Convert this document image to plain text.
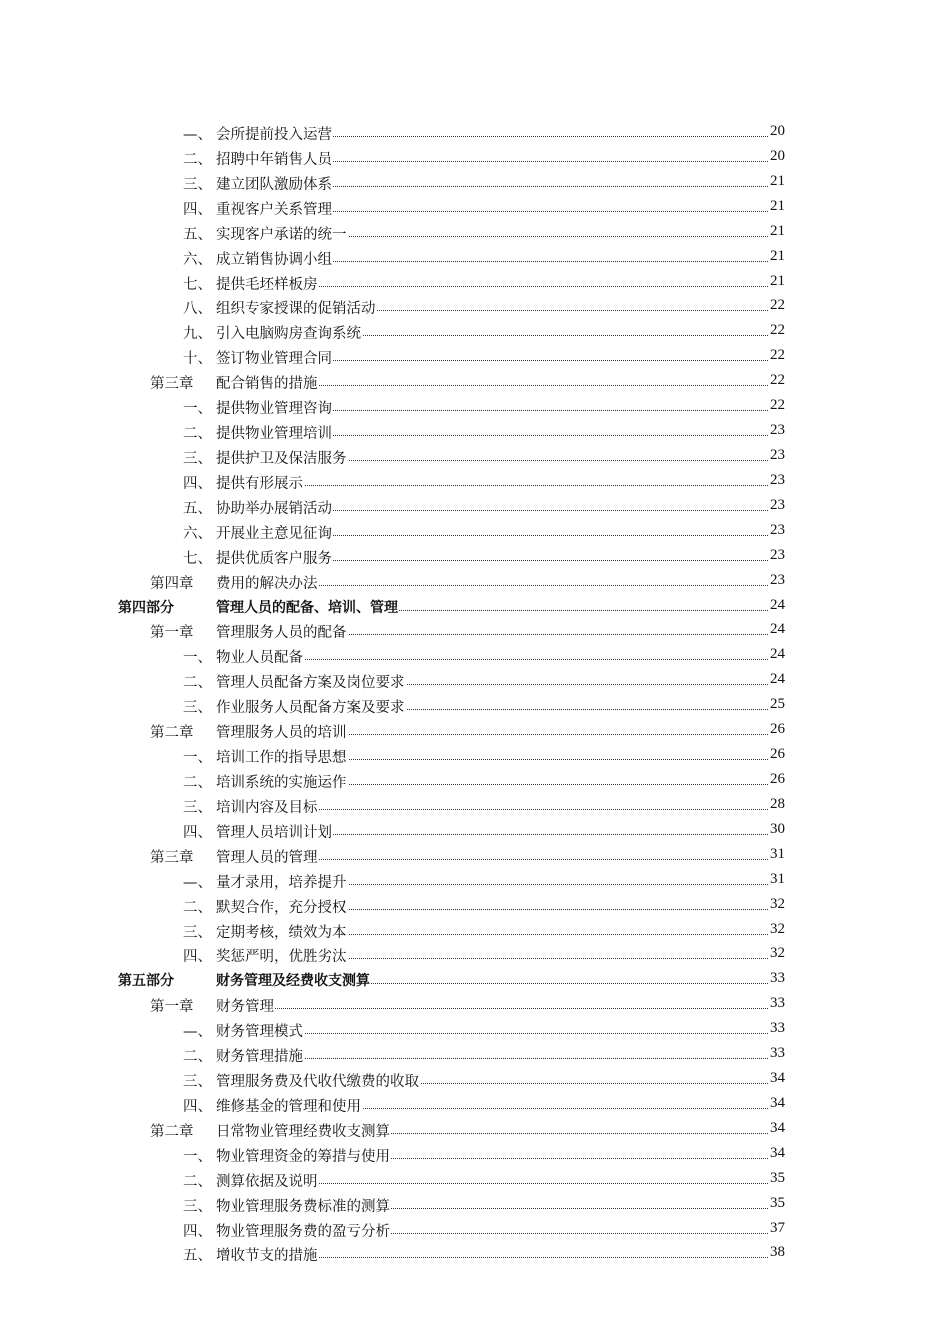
—、 会所提前投入运营	20
二、 招聘中年销售人员	20
三、 建立团队激励体系	21
四、 重视客户关系管理	21
五、 实现客户承诺的统一	21
六、 成立销售协调小组	21
七、 提供毛坯样板房	21
八、 组织专家授课的促销活动	22
九、 引入电脑购房查询系统	22
十、 签订物业管理合同	22
第三章 配合销售的措施	22
一、 提供物业管理咨询	22
二、 提供物业管理培训	23
三、 提供护卫及保洁服务	23
四、 提供有形展示	23
五、 协助举办展销活动	23
六、 开展业主意见征询	23
七、 提供优质客户服务	23
第四章 费用的解决办法	23
第四部分	管理人员的配备、培训、管理	24
第一章 管理服务人员的配备	24
一、 物业人员配备	24
二、 管理人员配备方案及岗位要求	24
三、 作业服务人员配备方案及要求	25
第二章 管理服务人员的培训	26
一、 培训工作的指导思想	26
二、 培训系统的实施运作	26
三、 培训内容及目标	28
四、 管理人员培训计划	30
第三章 管理人员的管理	31
—、 量才录用，培养提升	31
二、 默契合作，充分授权	32
三、 定期考核，绩效为本	32
四、 奖惩严明，优胜劣汰	32
第五部分	财务管理及经费收支测算	33
第一章 财务管理	33
—、 财务管理模式	33
二、 财务管理措施	33
三、 管理服务费及代收代缴费的收取	34
四、 维修基金的管理和使用	34
第二章 日常物业管理经费收支测算	34
一、 物业管理资金的筹措与使用	34
二、 测算依据及说明	35
三、 物业管理服务费标准的测算	35
四、 物业管理服务费的盈亏分析	37
五、 增收节支的措施	38
